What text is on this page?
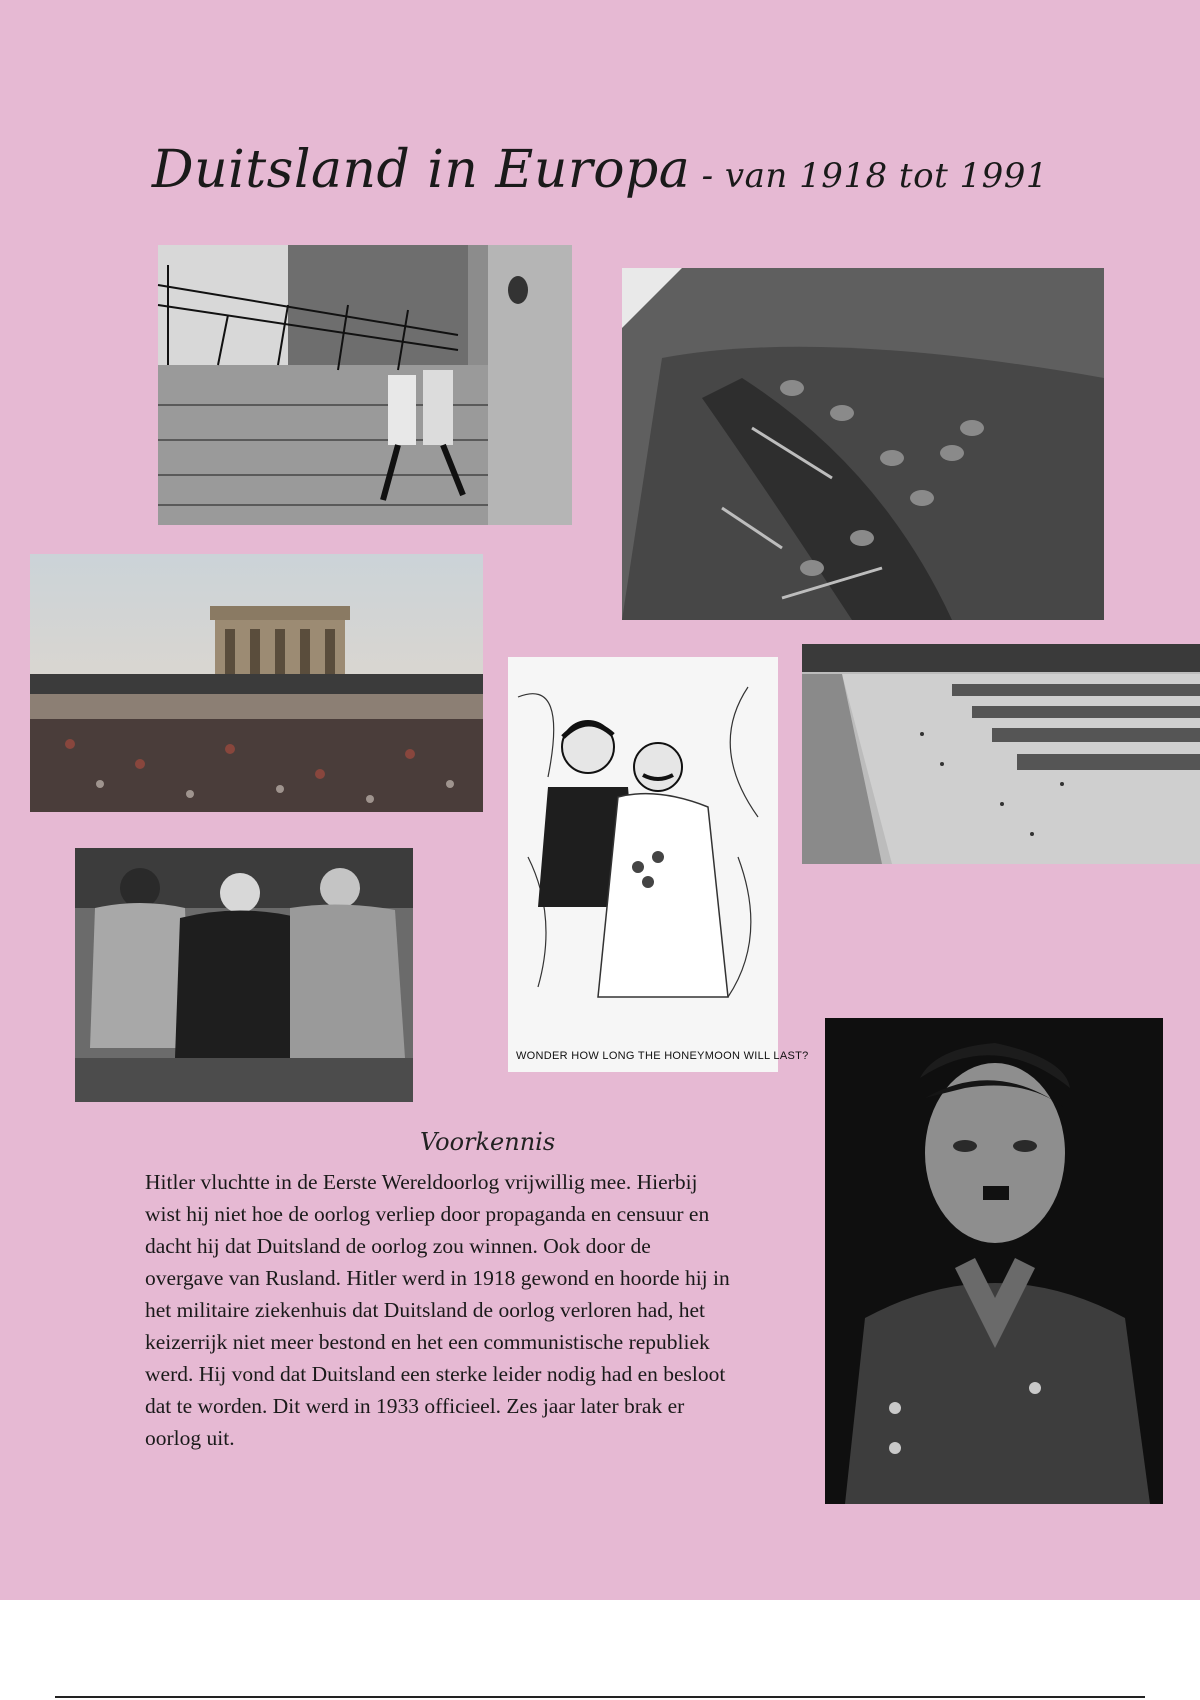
Duitsland in Europa - van 1918 tot 1991
WONDER HOW LONG THE HONEYMOON WILL LAST?
Voorkennis
Hitler vluchtte in de Eerste Wereldoorlog vrijwillig mee. Hierbij
wist hij niet hoe de oorlog verliep door propaganda en censuur en
dacht hij dat Duitsland de oorlog zou winnen. Ook door de
overgave van Rusland. Hitler werd in 1918 gewond en hoorde hij in
het militaire ziekenhuis dat Duitsland de oorlog verloren had, het
keizerrijk niet meer bestond en het een communistische republiek
werd. Hij vond dat Duitsland een sterke leider nodig had en besloot
dat te worden. Dit werd in 1933 officieel. Zes jaar later brak er
oorlog uit.
